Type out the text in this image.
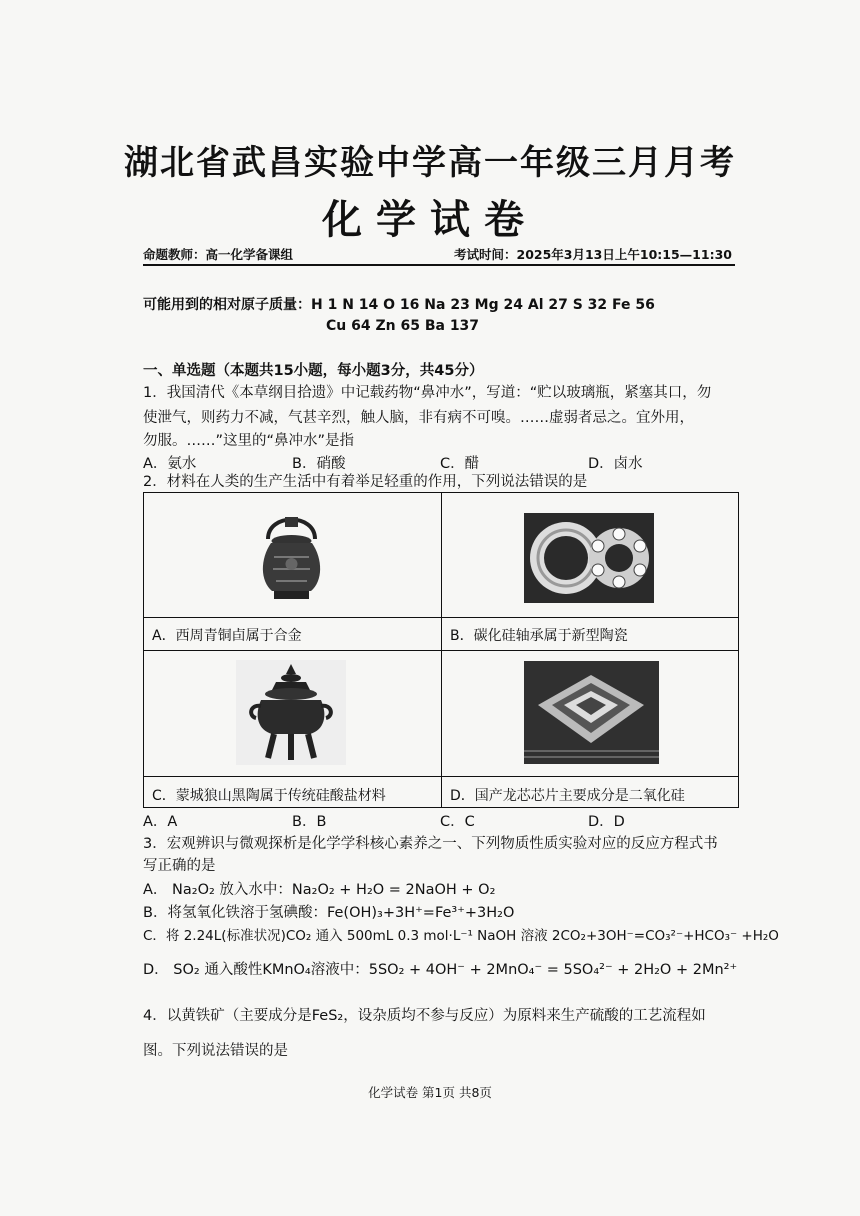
湖北省武昌实验中学高一年级三月月考
化学试卷
命题教师：高一化学备课组	考试时间：2025年3月13日上午10:15—11:30
可能用到的相对原子质量：H 1 N 14 O 16 Na 23 Mg 24 Al 27 S 32 Fe 56
Cu 64 Zn 65 Ba 137
一、单选题（本题共15小题，每小题3分，共45分）
1．我国清代《本草纲目拾遗》中记载药物“鼻冲水”，写道：“贮以玻璃瓶，紧塞其口，勿
使泄气，则药力不减，气甚辛烈，触人脑，非有病不可嗅。……虚弱者忌之。宜外用，
勿服。……”这里的“鼻冲水”是指
A．氨水	B．硝酸	C．醋	D．卤水
2．材料在人类的生产生活中有着举足轻重的作用，下列说法错误的是
A．西周青铜卣属于合金	B．碳化硅轴承属于新型陶瓷
C．蒙城狼山黑陶属于传统硅酸盐材料	D．国产龙芯芯片主要成分是二氧化硅
A．A	B．B	C．C	D．D
3．宏观辨识与微观探析是化学学科核心素养之一、下列物质性质实验对应的反应方程式书
写正确的是
A． Na₂O₂ 放入水中：Na₂O₂ + H₂O = 2NaOH + O₂
B．将氢氧化铁溶于氢碘酸：Fe(OH)₃+3H⁺=Fe³⁺+3H₂O
C．将 2.24L(标准状况)CO₂ 通入 500mL 0.3 mol·L⁻¹ NaOH 溶液 2CO₂+3OH⁻=CO₃²⁻+HCO₃⁻ +H₂O
D． SO₂ 通入酸性KMnO₄溶液中：5SO₂ + 4OH⁻ + 2MnO₄⁻ = 5SO₄²⁻ + 2H₂O + 2Mn²⁺
4．以黄铁矿（主要成分是FeS₂，设杂质均不参与反应）为原料来生产硫酸的工艺流程如
图。下列说法错误的是
化学试卷 第1页 共8页
